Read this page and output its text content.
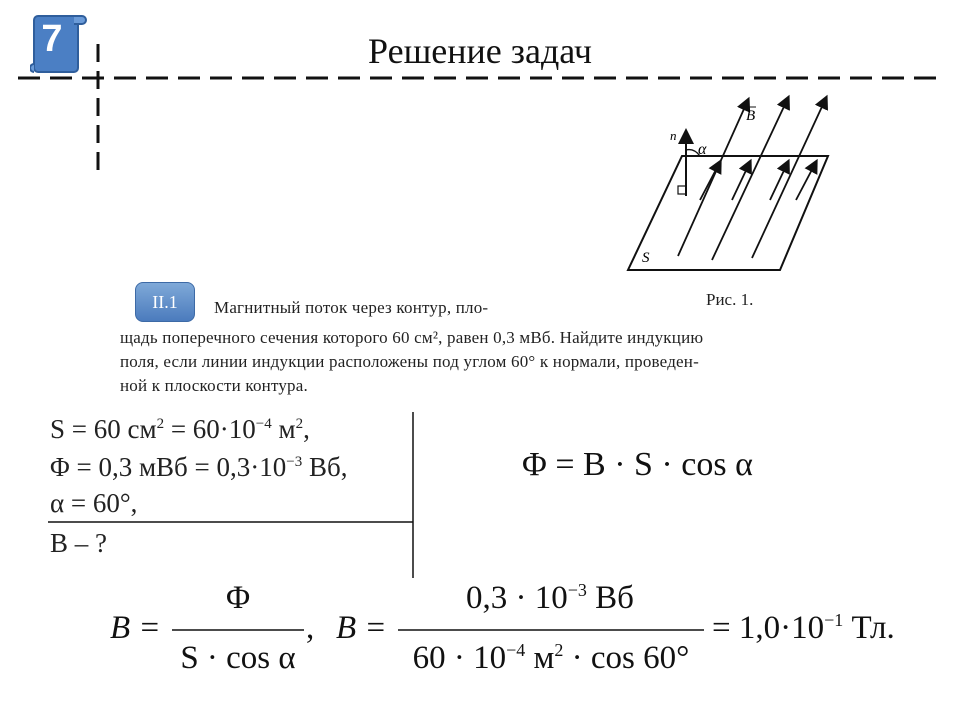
7	Решение задач
B
n
α
S
Рис. 1.
II.1	Магнитный поток через контур, пло-
щадь поперечного сечения которого 60 см², равен 0,3 мВб. Найдите индукцию
поля, если линии индукции расположены под углом 60° к нормали, проведен-
ной к плоскости контура.
S = 60 $см^2 = 60\cdot 10^{-4}$ $м^2$,
Φ = 0,3 мВб = $0,3\cdot 10^{-3}$ Вб,
α = 60°,
B – ?
Φ = B · S · cos α
B =
Φ
S · cos α
, B =
$0,3 \cdot 10^{-3}$ Вб
$60 \cdot 10^{-4}$ $м^2 \cdot \cos 60^\circ$
= $1,0\cdot 10^{-1}$ Тл.
